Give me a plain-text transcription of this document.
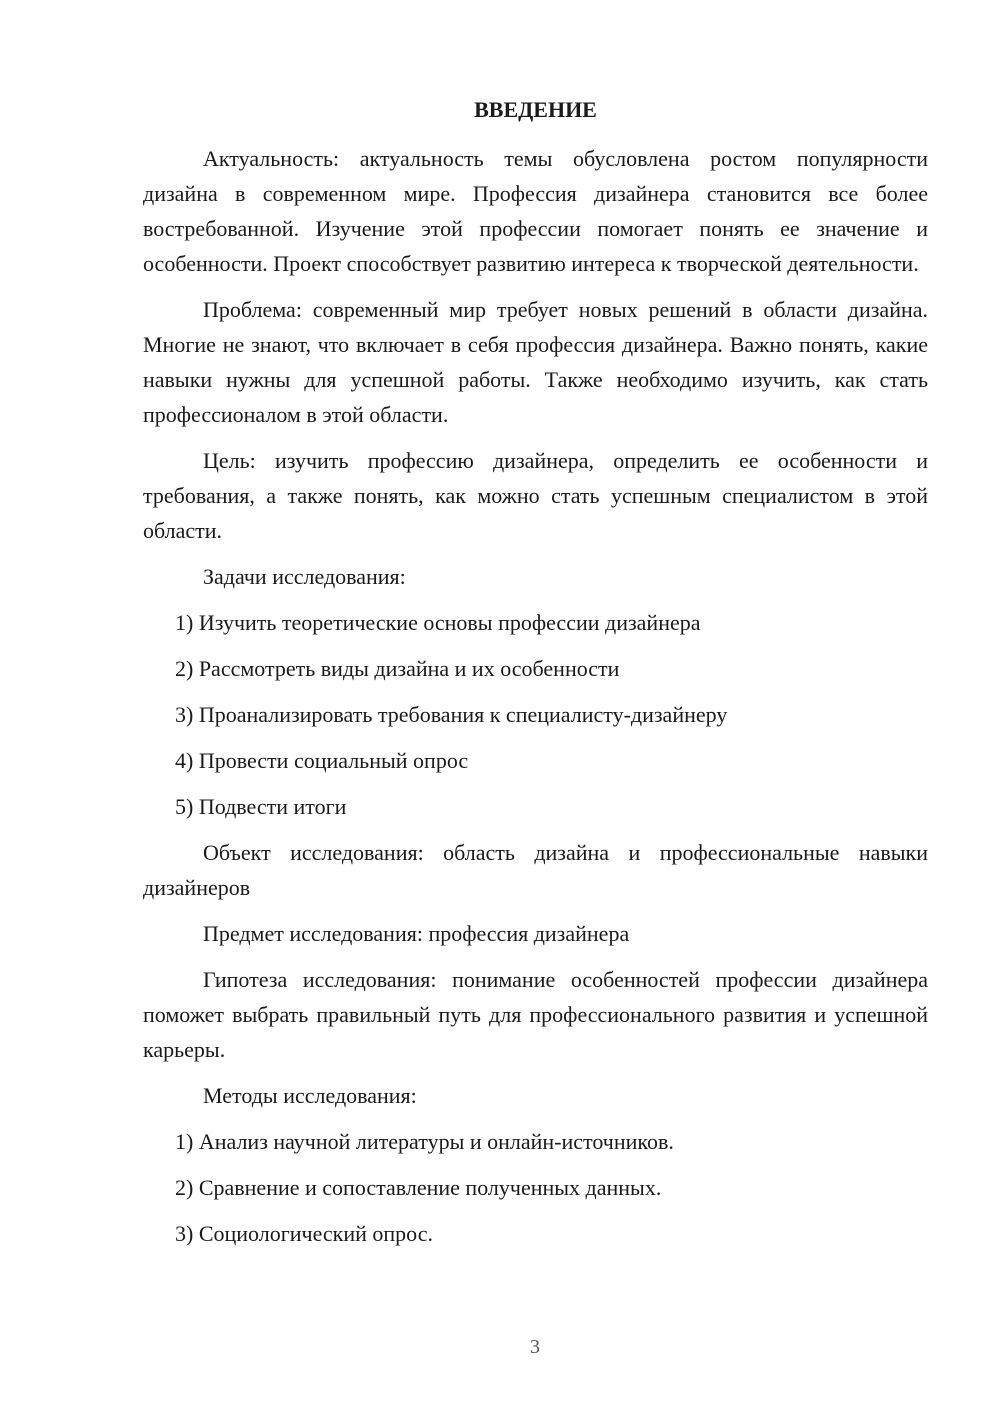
ВВЕДЕНИЕ

Актуальность: актуальность темы обусловлена ростом популярности дизайна в современном мире. Профессия дизайнера становится все более востребованной. Изучение этой профессии помогает понять ее значение и особенности. Проект способствует развитию интереса к творческой деятельности.

Проблема: современный мир требует новых решений в области дизайна. Многие не знают, что включает в себя профессия дизайнера. Важно понять, какие навыки нужны для успешной работы. Также необходимо изучить, как стать профессионалом в этой области.

Цель: изучить профессию дизайнера, определить ее особенности и требования, а также понять, как можно стать успешным специалистом в этой области.

Задачи исследования:
1) Изучить теоретические основы профессии дизайнера
2) Рассмотреть виды дизайна и их особенности
3) Проанализировать требования к специалисту-дизайнеру
4) Провести социальный опрос
5) Подвести итоги

Объект исследования: область дизайна и профессиональные навыки дизайнеров

Предмет исследования: профессия дизайнера

Гипотеза исследования: понимание особенностей профессии дизайнера поможет выбрать правильный путь для профессионального развития и успешной карьеры.

Методы исследования:
1) Анализ научной литературы и онлайн-источников.
2) Сравнение и сопоставление полученных данных.
3) Социологический опрос.
3
